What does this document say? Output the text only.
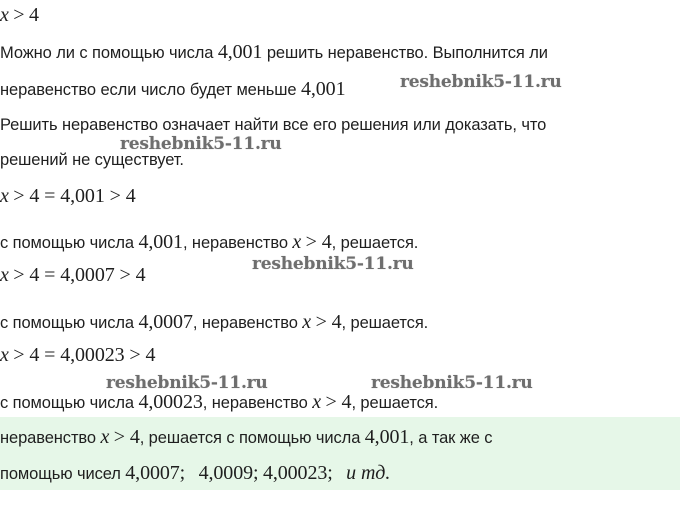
x > 4
Можно ли с помощью числа 4,001 решить неравенство. Выполнится ли
неравенство если число будет меньше 4,001
Решить неравенство означает найти все его решения или доказать, что
решений не существует.
x > 4 = 4,001 > 4
с помощью числа 4,001, неравенство x > 4, решается.
x > 4 = 4,0007 > 4
с помощью числа 4,0007, неравенство x > 4, решается.
x > 4 = 4,00023 > 4
с помощью числа 4,00023, неравенство x > 4, решается.
неравенство x > 4, решается с помощью числа 4,001, а так же с
помощью чисел 4,0007; 4,0009; 4,00023; и тд.
reshebnik5-11.ru
reshebnik5-11.ru
reshebnik5-11.ru
reshebnik5-11.ru	reshebnik5-11.ru
